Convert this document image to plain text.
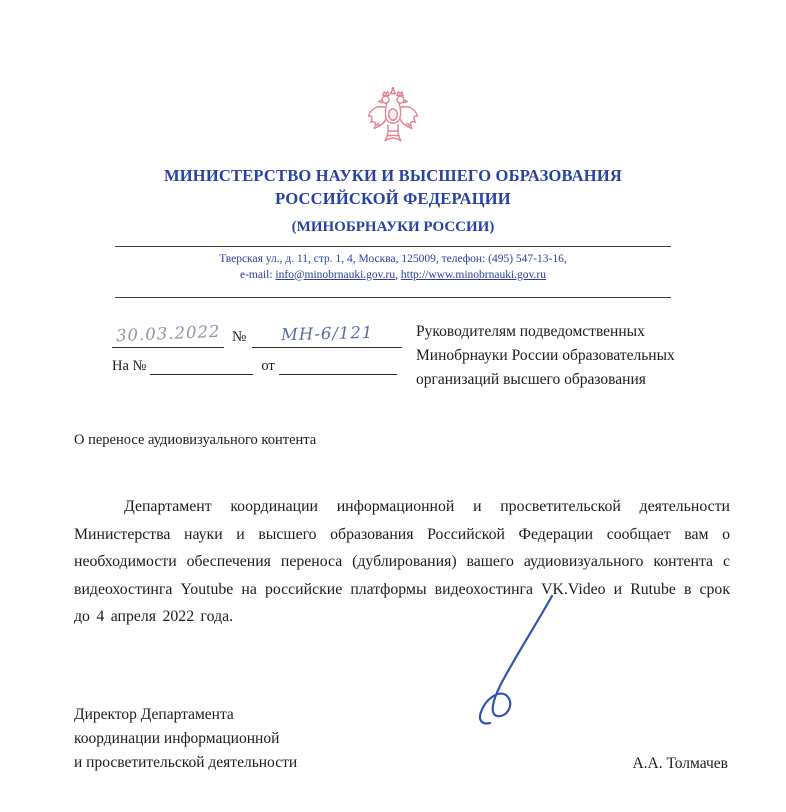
МИНИСТЕРСТВО НАУКИ И ВЫСШЕГО ОБРАЗОВАНИЯ
РОССИЙСКОЙ ФЕДЕРАЦИИ
(МИНОБРНАУКИ РОССИИ)
Тверская ул., д. 11, стр. 1, 4, Москва, 125009, телефон: (495) 547-13-16,
e-mail: info@minobrnauki.gov.ru, http://www.minobrnauki.gov.ru
30.03.2022 №	МН-6/121
На №	от
Руководителям подведомственных
Минобрнауки России образовательных
организаций высшего образования
О переносе аудиовизуального контента
Департамент координации информационной и просветительской деятельности Министерства науки и высшего образования Российской Федерации сообщает вам о необходимости обеспечения переноса (дублирования) вашего аудиовизуального контента с видеохостинга Youtube на российские платформы видеохостинга VK.Video и Rutube в срок до 4 апреля 2022 года.
Директор Департамента
координации информационной
и просветительской деятельности	А.А. Толмачев
